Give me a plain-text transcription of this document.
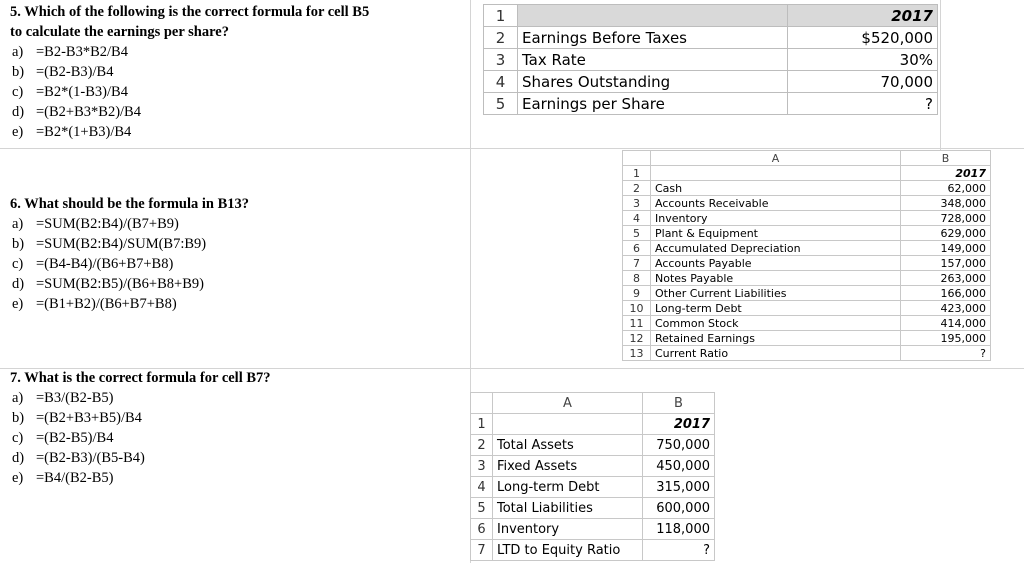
5. Which of the following is the correct formula for cell B5
to calculate the earnings per share?
a) =B2-B3*B2/B4
b) =(B2-B3)/B4
c) =B2*(1-B3)/B4
d) =(B2+B3*B2)/B4
e) =B2*(1+B3)/B4
6. What should be the formula in B13?
a) =SUM(B2:B4)/(B7+B9)
b) =SUM(B2:B4)/SUM(B7:B9)
c) =(B4-B4)/(B6+B7+B8)
d) =SUM(B2:B5)/(B6+B8+B9)
e) =(B1+B2)/(B6+B7+B8)
7. What is the correct formula for cell B7?
a) =B3/(B2-B5)
b) =(B2+B3+B5)/B4
c) =(B2-B5)/B4
d) =(B2-B3)/(B5-B4)
e) =B4/(B2-B5)
1		2017
2	Earnings Before Taxes	$520,000
3	Tax Rate	30%
4	Shares Outstanding	70,000
5	Earnings per Share	?
	A	B
1		2017
2	Cash	62,000
3	Accounts Receivable	348,000
4	Inventory	728,000
5	Plant & Equipment	629,000
6	Accumulated Depreciation	149,000
7	Accounts Payable	157,000
8	Notes Payable	263,000
9	Other Current Liabilities	166,000
10	Long-term Debt	423,000
11	Common Stock	414,000
12	Retained Earnings	195,000
13	Current Ratio	?
	A	B
1		2017
2	Total Assets	750,000
3	Fixed Assets	450,000
4	Long-term Debt	315,000
5	Total Liabilities	600,000
6	Inventory	118,000
7	LTD to Equity Ratio	?
